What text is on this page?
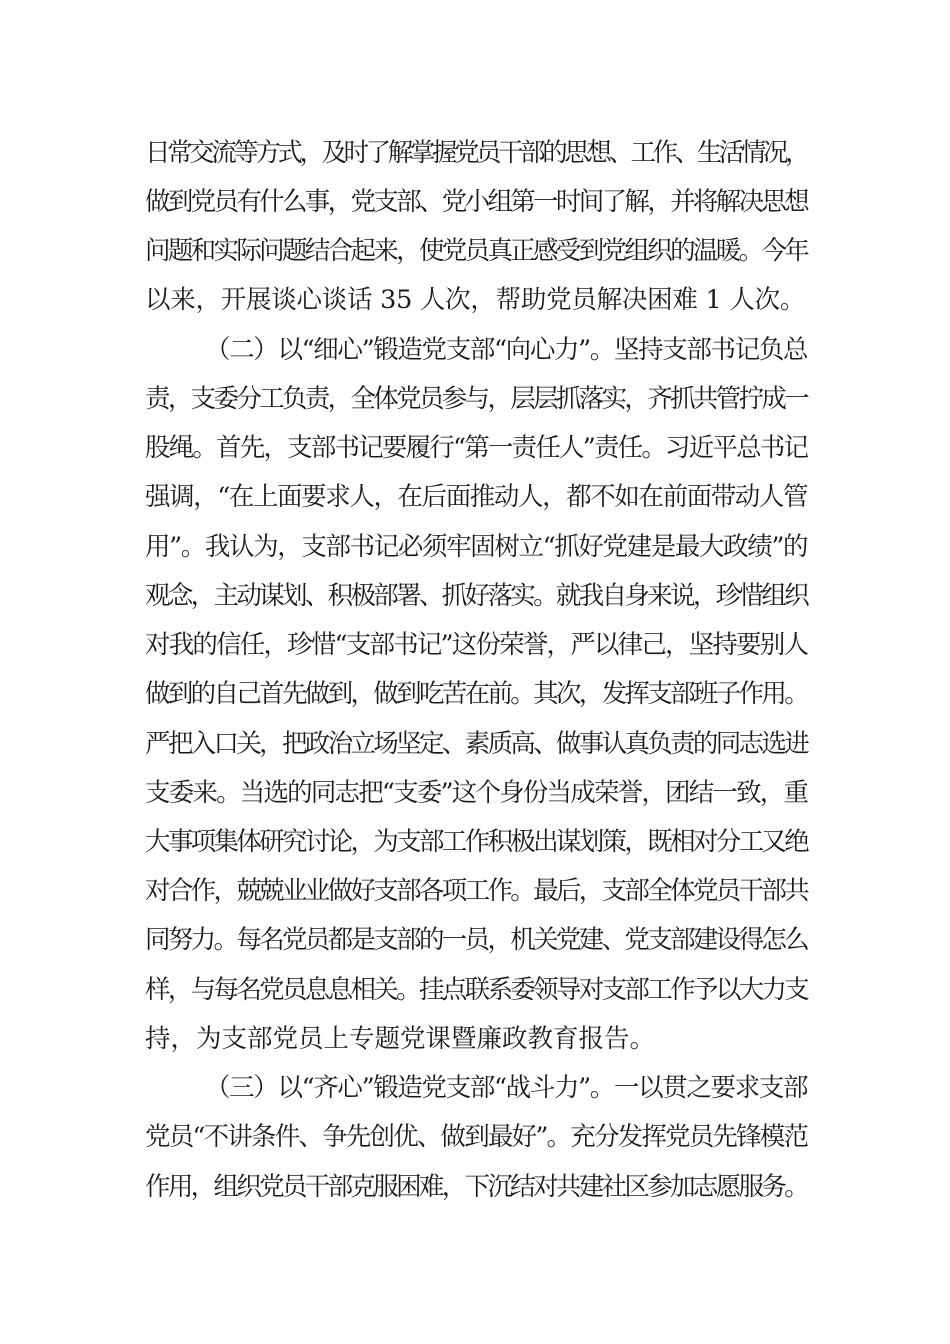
日常交流等方式，及时了解掌握党员干部的思想、工作、生活情况，
做到党员有什么事，党支部、党小组第一时间了解，并将解决思想
问题和实际问题结合起来，使党员真正感受到党组织的温暖。今年
以来，开展谈心谈话 35 人次，帮助党员解决困难 1 人次。
（二）以“细心”锻造党支部“向心力”。坚持支部书记负总
责，支委分工负责，全体党员参与，层层抓落实，齐抓共管拧成一
股绳。首先，支部书记要履行“第一责任人”责任。习近平总书记
强调，“在上面要求人，在后面推动人，都不如在前面带动人管
用”。我认为，支部书记必须牢固树立“抓好党建是最大政绩”的
观念，主动谋划、积极部署、抓好落实。就我自身来说，珍惜组织
对我的信任，珍惜“支部书记”这份荣誉，严以律己，坚持要别人
做到的自己首先做到，做到吃苦在前。其次，发挥支部班子作用。
严把入口关，把政治立场坚定、素质高、做事认真负责的同志选进
支委来。当选的同志把“支委”这个身份当成荣誉，团结一致，重
大事项集体研究讨论，为支部工作积极出谋划策，既相对分工又绝
对合作，兢兢业业做好支部各项工作。最后，支部全体党员干部共
同努力。每名党员都是支部的一员，机关党建、党支部建设得怎么
样，与每名党员息息相关。挂点联系委领导对支部工作予以大力支
持，为支部党员上专题党课暨廉政教育报告。
（三）以“齐心”锻造党支部“战斗力”。一以贯之要求支部
党员“不讲条件、争先创优、做到最好”。充分发挥党员先锋模范
作用，组织党员干部克服困难，下沉结对共建社区参加志愿服务。
